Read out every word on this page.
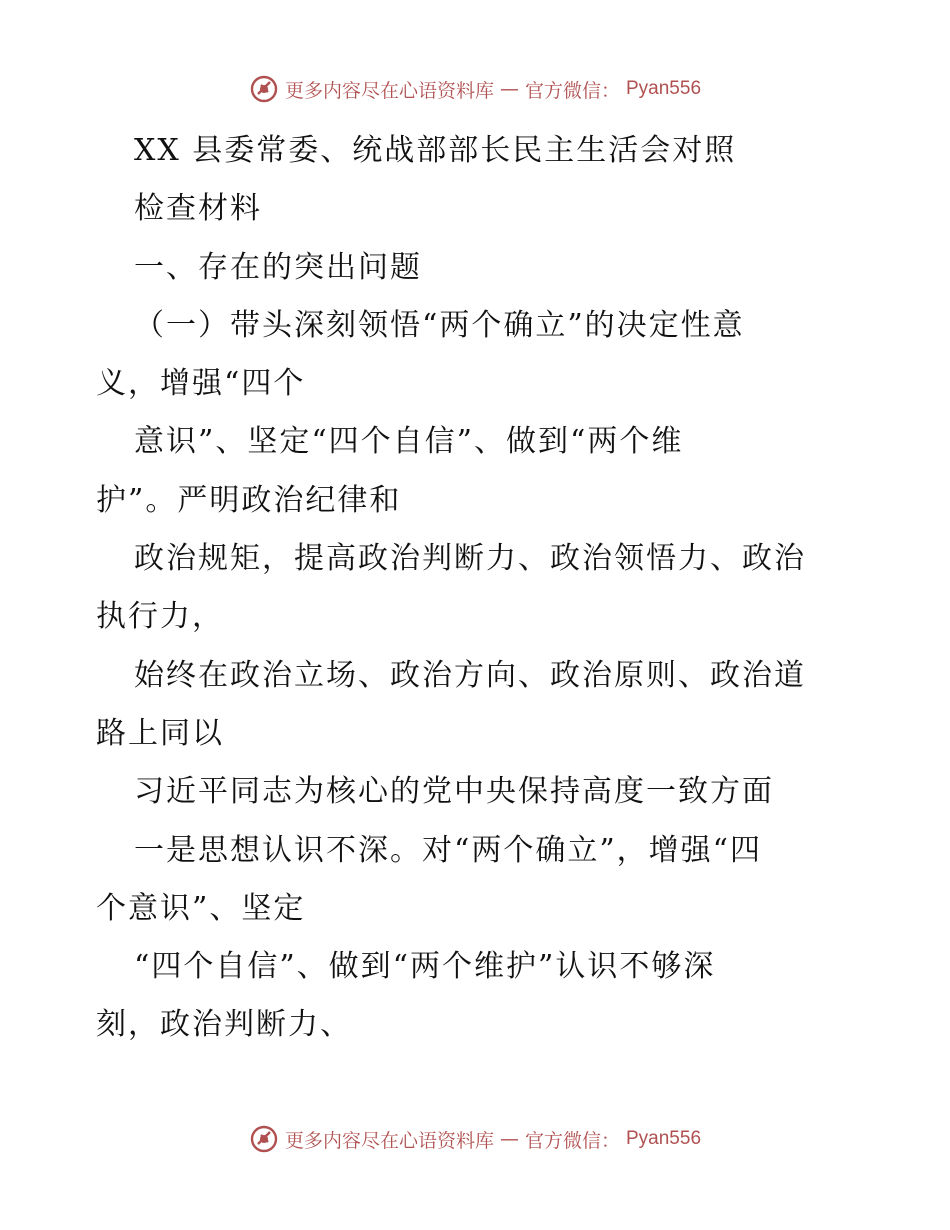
更多内容尽在心语资料库 — 官方微信： Pyan556
XX 县委常委、统战部部长民主生活会对照
检查材料
一、存在的突出问题
（一）带头深刻领悟“两个确立”的决定性意
义，增强“四个
意识”、坚定“四个自信”、做到“两个维
护”。严明政治纪律和
政治规矩，提高政治判断力、政治领悟力、政治
执行力，
始终在政治立场、政治方向、政治原则、政治道
路上同以
习近平同志为核心的党中央保持高度一致方面
一是思想认识不深。对“两个确立”，增强“四
个意识”、坚定
“四个自信”、做到“两个维护”认识不够深
刻，政治判断力、
更多内容尽在心语资料库 — 官方微信： Pyan556
